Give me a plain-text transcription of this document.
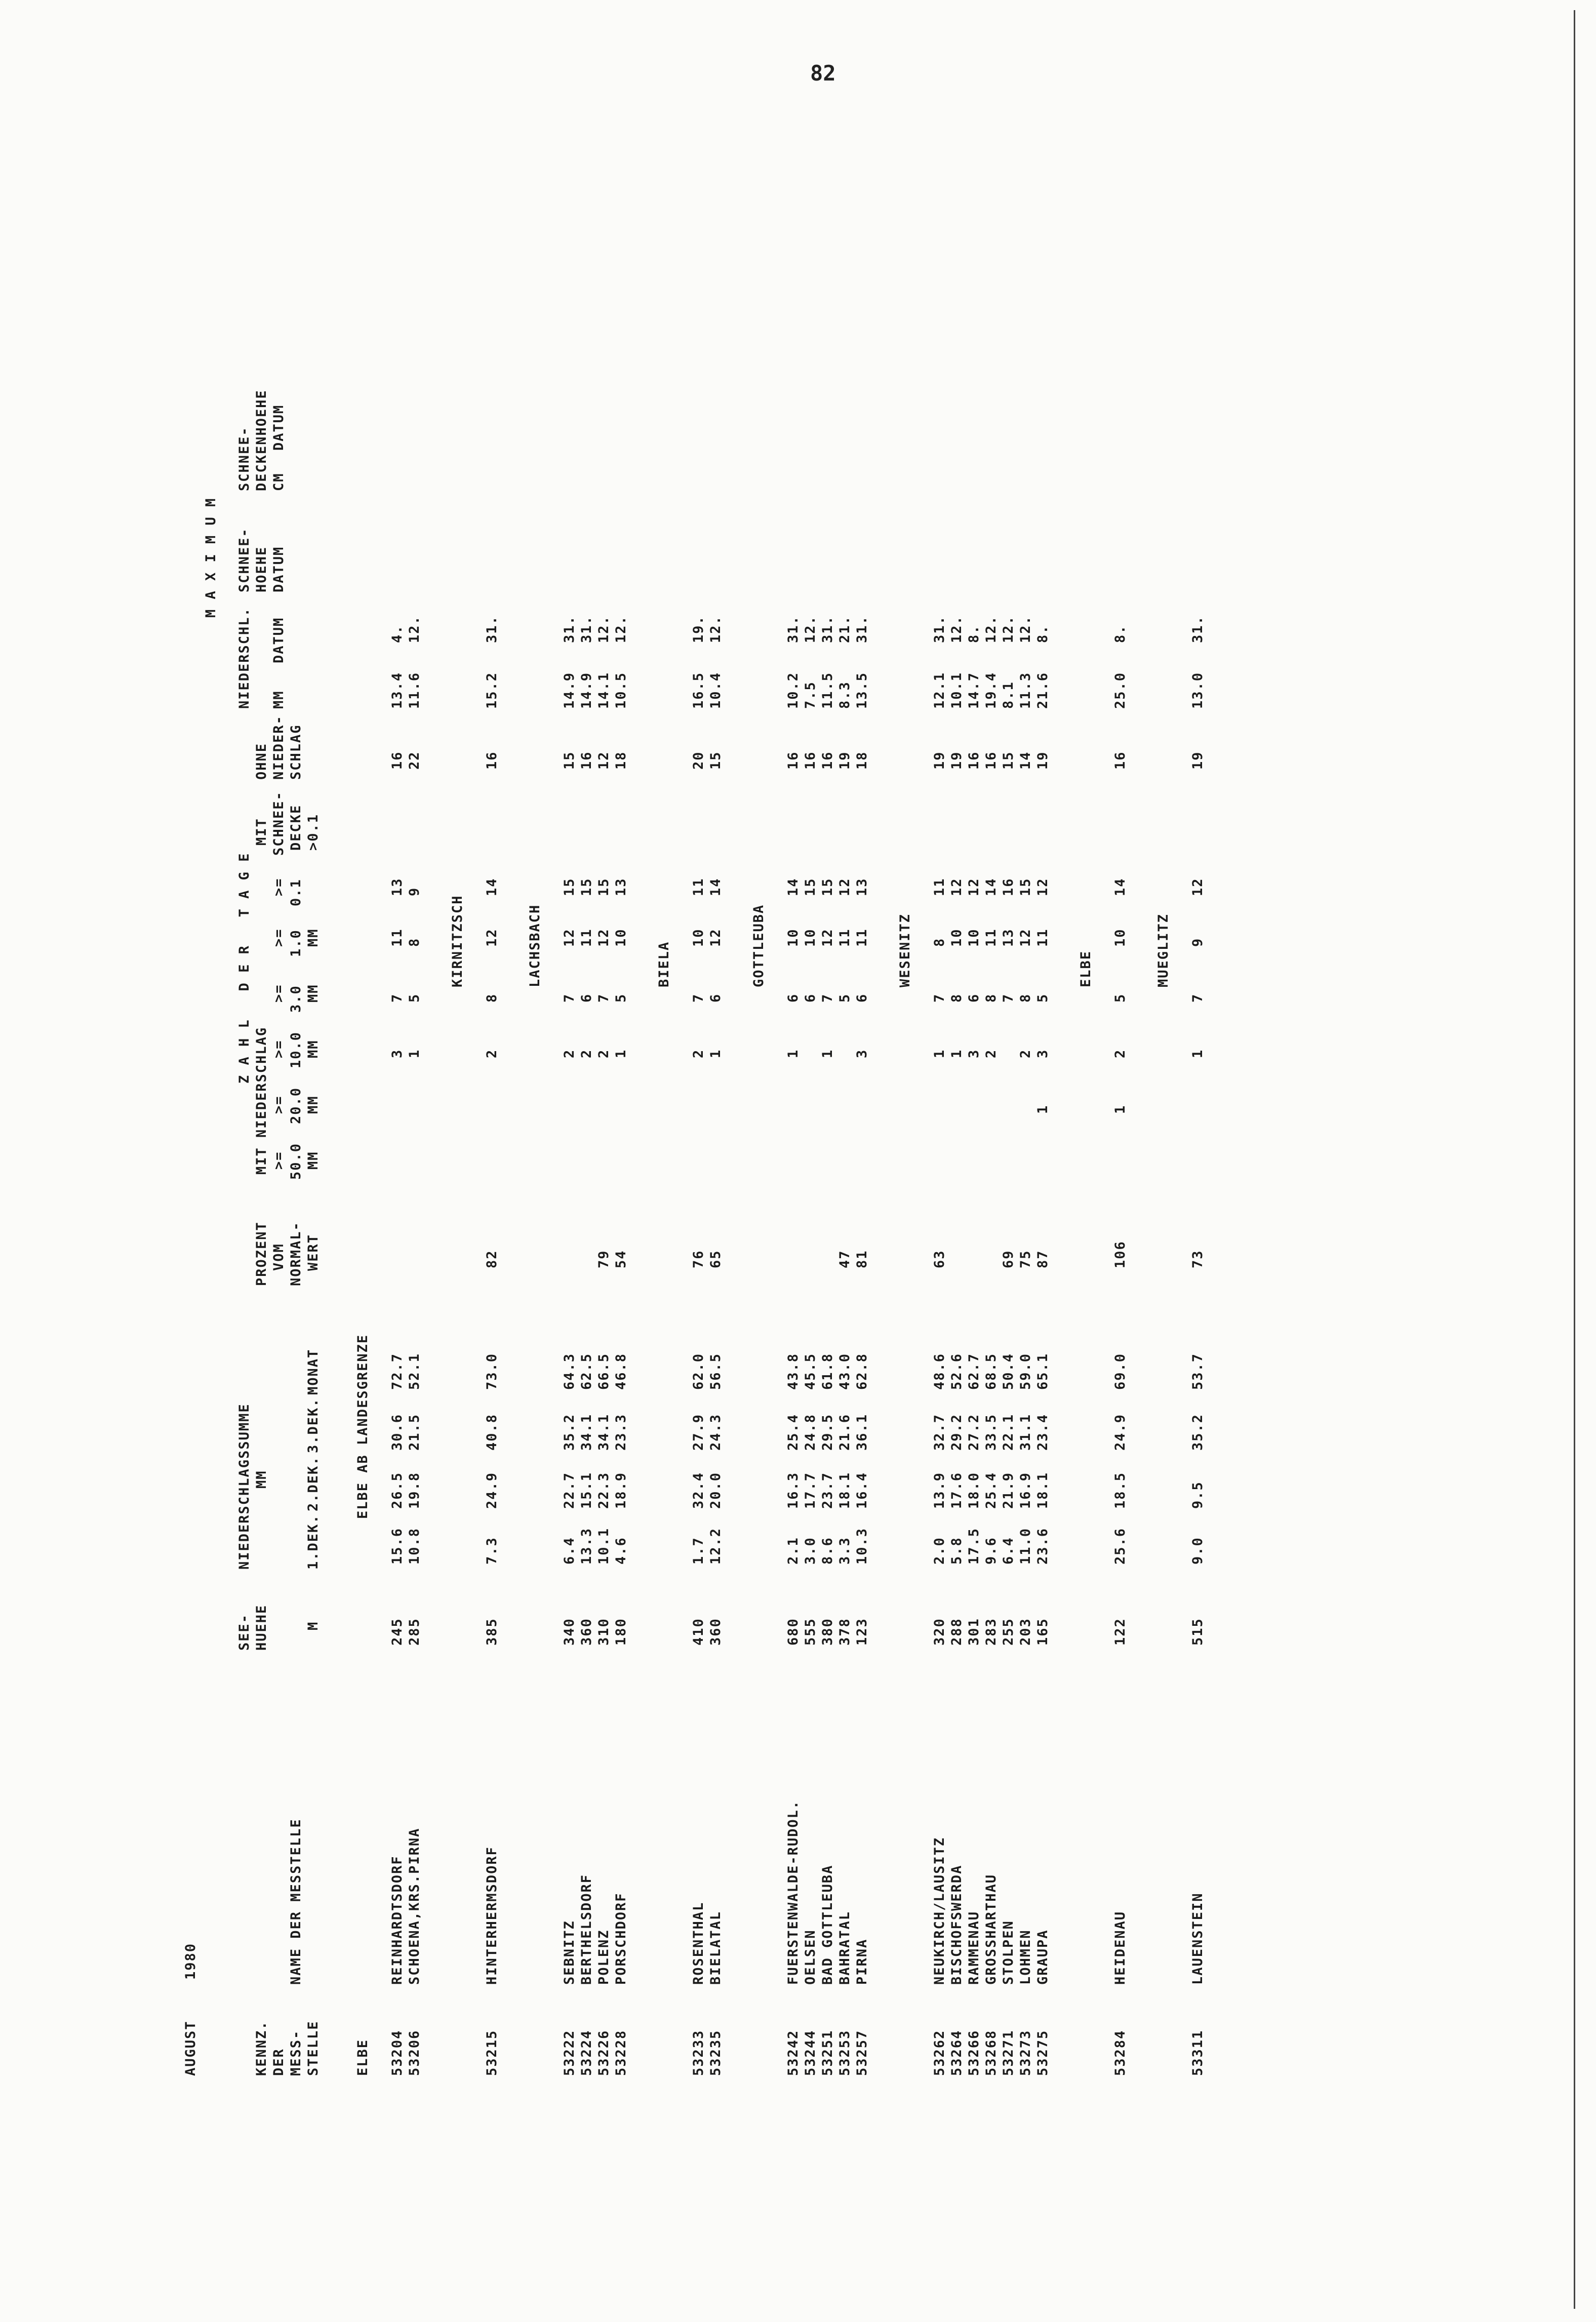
82
AUGUST
1980
KENNZ. DER MESS- STELLE
NAME DER MESSTELLE
SEE- HUEHE	M
NIEDERSCHLAGSSUMME MM
1.DEK.
2.DEK.
3.DEK.
MONAT
PROZENT VOM NORMAL- WERT
Z A H L   D E R   T A G E
MIT NIEDERSCHLAG >=
>=
>=
>=
>=
>=
50.0
20.0
10.0
3.0
1.0
0.1
MM
MM
MM
MM
MM
MIT SCHNEE- DECKE >0.1
OHNE NIEDER- SCHLAG
M A X I M U M
NIEDERSCHL. MM
DATUM
SCHNEE- HOEHE DATUM
SCHNEE- DECKENHOEHE CM
DATUM
ELBE
ELBE AB LANDESGRENZE
53204
REINHARDTSDORF
245
15.6
26.5
30.6
72.7
3
7
11
13
16
13.4
4.
53206
SCHOENA,KRS.PIRNA
285
10.8
19.8
21.5
52.1
1
5
8
9
22
11.6
12.
KIRNITZSCH
53215
HINTERHERMSDORF
385
7.3
24.9
40.8
73.0
82
2
8
12
14
16
15.2
31.
LACHSBACH
53222
SEBNITZ
340
6.4
22.7
35.2
64.3
2
7
12
15
15
14.9
31.
53224
BERTHELSDORF
360
13.3
15.1
34.1
62.5
2
6
11
15
16
14.9
31.
53226
POLENZ
310
10.1
22.3
34.1
66.5
79
2
7
12
15
12
14.1
12.
53228
PORSCHDORF
180
4.6
18.9
23.3
46.8
54
1
5
10
13
18
10.5
12.
BIELA
53233
ROSENTHAL
410
1.7
32.4
27.9
62.0
76
2
7
10
11
20
16.5
19.
53235
BIELATAL
360
12.2
20.0
24.3
56.5
65
1
6
12
14
15
10.4
12.
GOTTLEUBA
53242
FUERSTENWALDE-RUDOL.
680
2.1
16.3
25.4
43.8
1
6
10
14
16
10.2
31.
53244
OELSEN
555
3.0
17.7
24.8
45.5
6
10
15
16
7.5
12.
53251
BAD GOTTLEUBA
380
8.6
23.7
29.5
61.8
1
7
12
15
16
11.5
31.
53253
BAHRATAL
378
3.3
18.1
21.6
43.0
47
5
11
12
19
8.3
21.
53257
PIRNA
123
10.3
16.4
36.1
62.8
81
3
6
11
13
18
13.5
31.
WESENITZ
53262
NEUKIRCH/LAUSITZ
320
2.0
13.9
32.7
48.6
63
1
7
8
11
19
12.1
31.
53264
BISCHOFSWERDA
288
5.8
17.6
29.2
52.6
1
8
10
12
19
10.1
12.
53266
RAMMENAU
301
17.5
18.0
27.2
62.7
3
6
10
12
16
14.7
8.
53268
GROSSHARTHAU
283
9.6
25.4
33.5
68.5
2
8
11
14
16
19.4
12.
53271
STOLPEN
255
6.4
21.9
22.1
50.4
69
7
13
16
15
8.1
12.
53273
LOHMEN
203
11.0
16.9
31.1
59.0
75
2
8
12
15
14
11.3
12.
53275
GRAUPA
165
23.6
18.1
23.4
65.1
87
1
3
5
11
12
19
21.6
8.
ELBE
53284
HEIDENAU
122
25.6
18.5
24.9
69.0
106
1
2
5
10
14
16
25.0
8.
MUEGLITZ
53311
LAUENSTEIN
515
9.0
9.5
35.2
53.7
73
1
7
9
12
19
13.0
31.
